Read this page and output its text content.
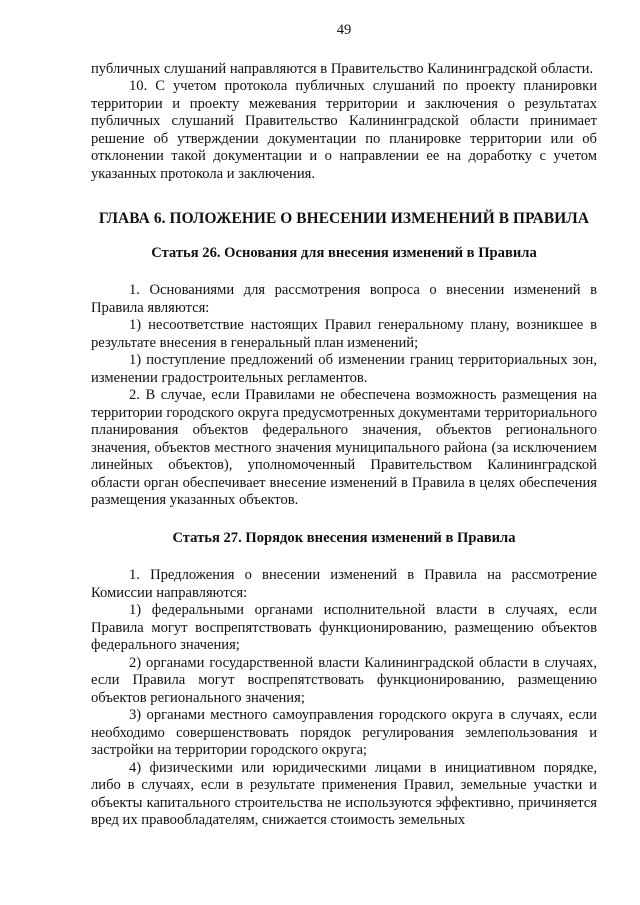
49

публичных слушаний направляются в Правительство Калининградской области.

10. С учетом протокола публичных слушаний по проекту планировки территории и проекту межевания территории и заключения о результатах публичных слушаний Правительство Калининградской области принимает решение об утверждении документации по планировке территории или об отклонении такой документации и о направлении ее на доработку с учетом указанных протокола и заключения.

ГЛАВА 6. ПОЛОЖЕНИЕ О ВНЕСЕНИИ ИЗМЕНЕНИЙ В ПРАВИЛА
Статья 26. Основания для внесения изменений в Правила

1. Основаниями для рассмотрения вопроса о внесении изменений в Правила являются:

1) несоответствие настоящих Правил генеральному плану, возникшее в результате внесения в генеральный план изменений;

1) поступление предложений об изменении границ территориальных зон, изменении градостроительных регламентов.

2. В случае, если Правилами не обеспечена возможность размещения на территории городского округа предусмотренных документами территориального планирования объектов федерального значения, объектов регионального значения, объектов местного значения муниципального района (за исключением линейных объектов), уполномоченный Правительством Калининградской области орган обеспечивает внесение изменений в Правила в целях обеспечения размещения указанных объектов.

Статья 27. Порядок внесения изменений в Правила

1. Предложения о внесении изменений в Правила на рассмотрение Комиссии направляются:

1) федеральными органами исполнительной власти в случаях, если Правила могут воспрепятствовать функционированию, размещению объектов федерального значения;

2) органами государственной власти Калининградской области в случаях, если Правила могут воспрепятствовать функционированию, размещению объектов регионального значения;

3) органами местного самоуправления городского округа в случаях, если необходимо совершенствовать порядок регулирования землепользования и застройки на территории городского округа;

4) физическими или юридическими лицами в инициативном порядке, либо в случаях, если в результате применения Правил, земельные участки и объекты капитального строительства не используются эффективно, причиняется вред их правообладателям, снижается стоимость земельных
